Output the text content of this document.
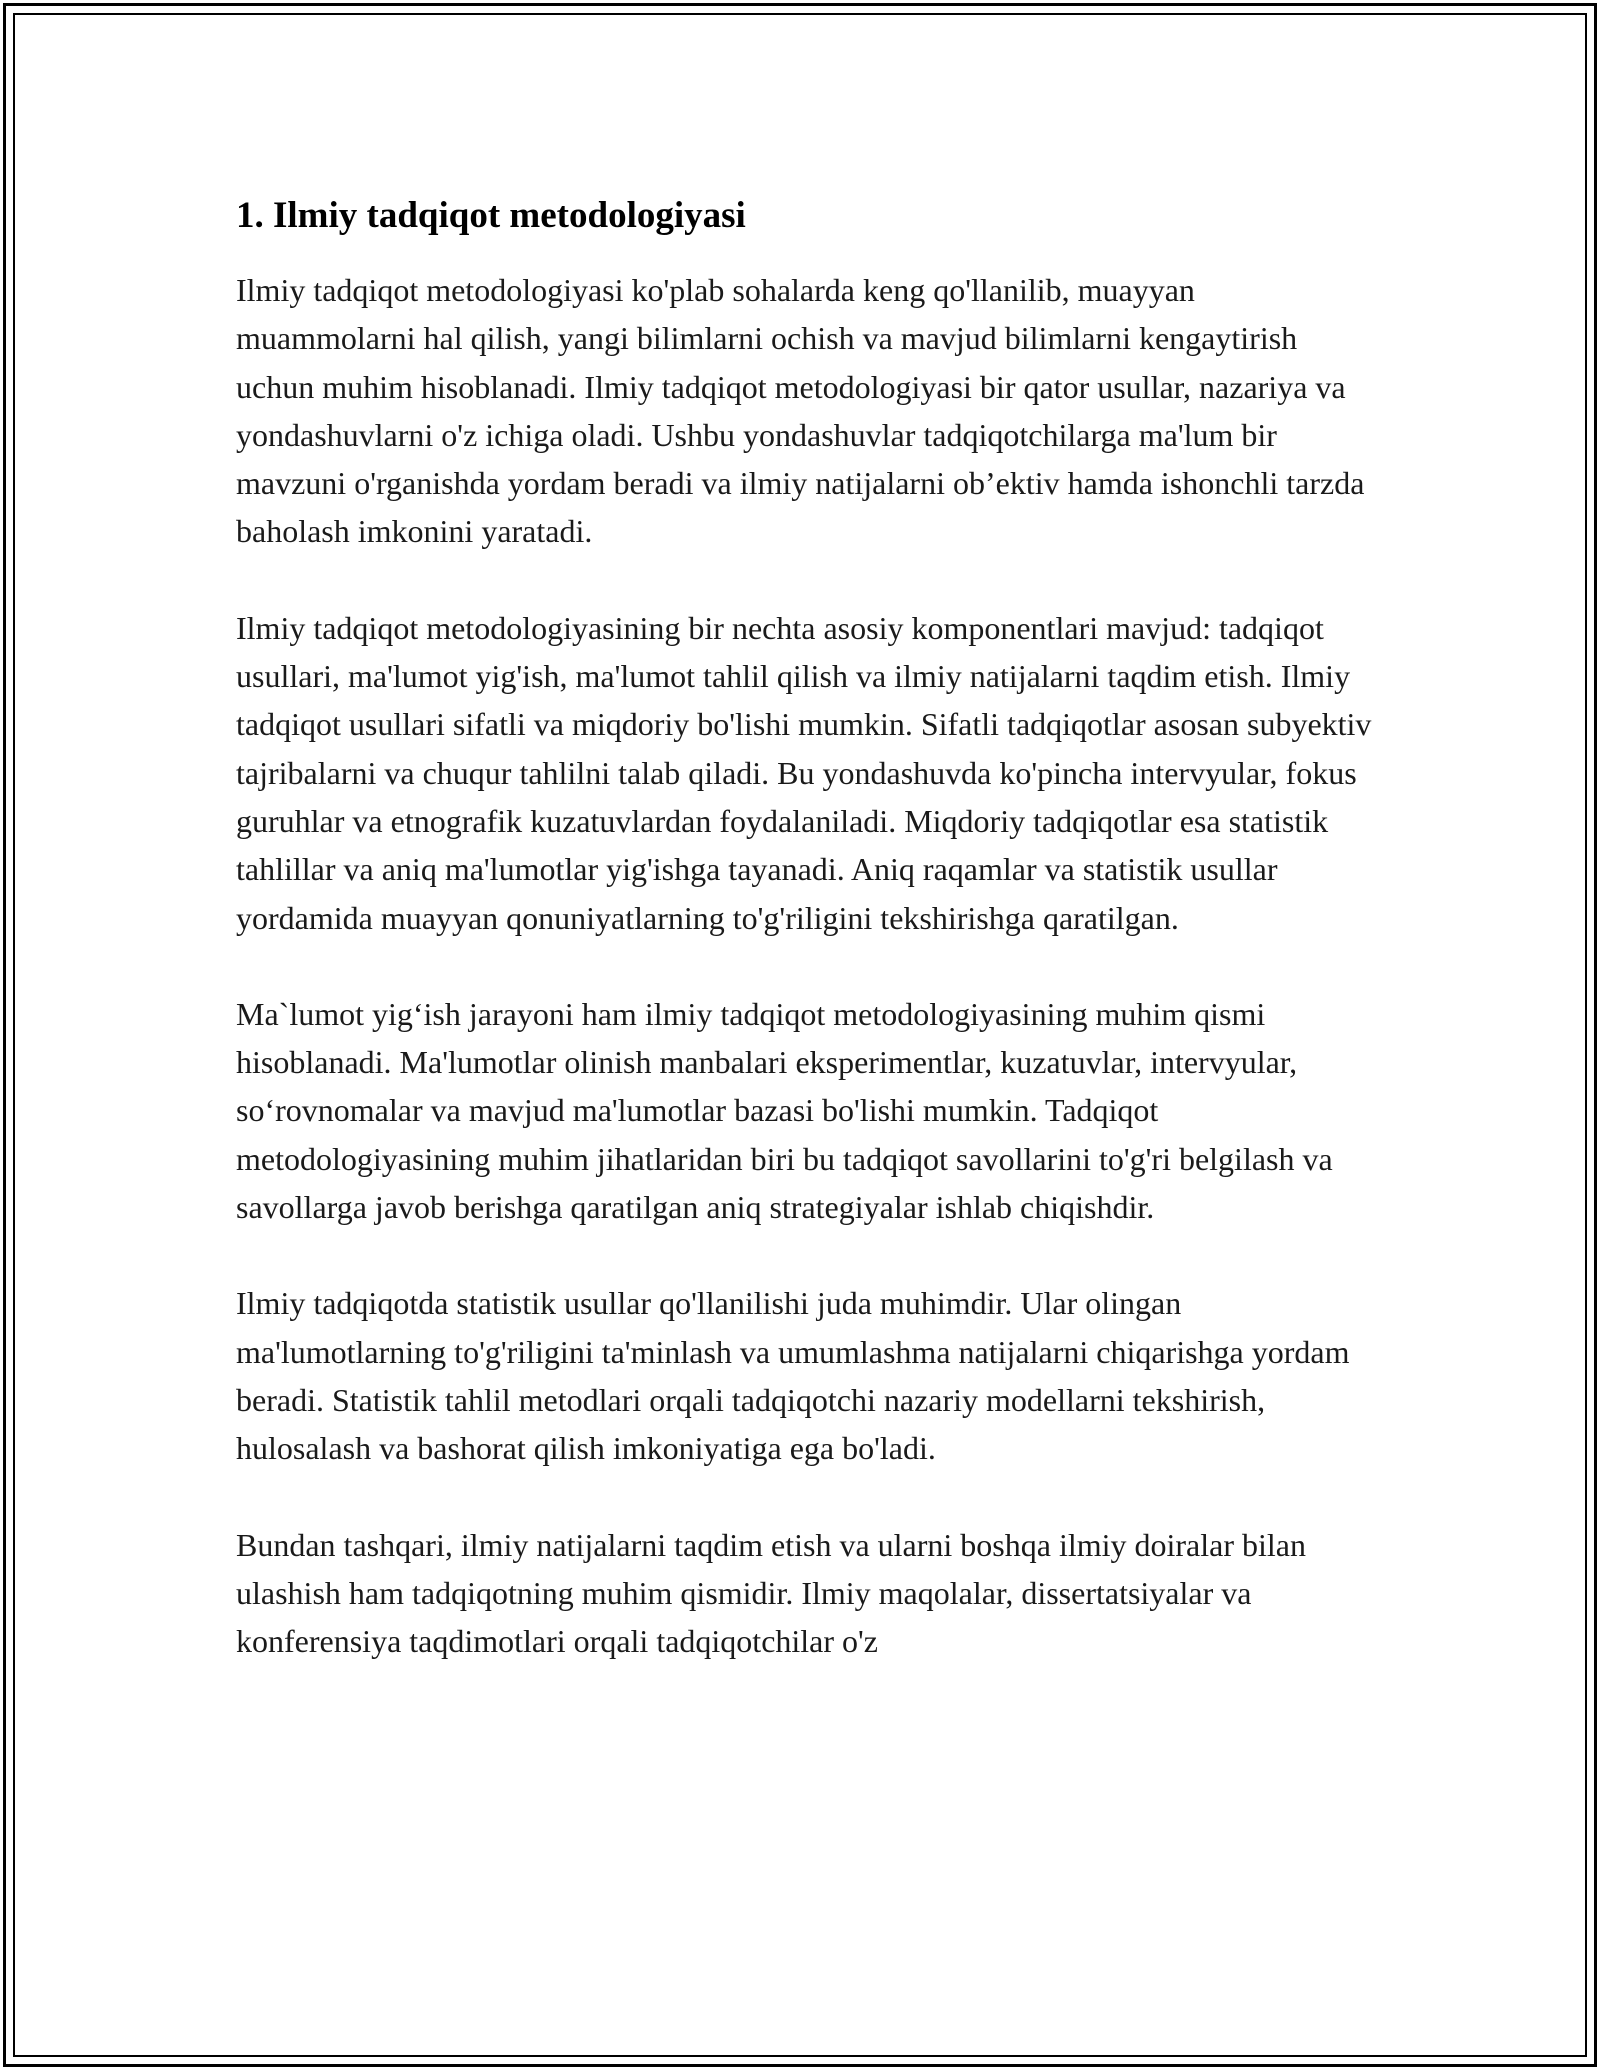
1. Ilmiy tadqiqot metodologiyasi

Ilmiy tadqiqot metodologiyasi ko'plab sohalarda keng qo'llanilib, muayyan muammolarni hal qilish, yangi bilimlarni ochish va mavjud bilimlarni kengaytirish uchun muhim hisoblanadi. Ilmiy tadqiqot metodologiyasi bir qator usullar, nazariya va yondashuvlarni o'z ichiga oladi. Ushbu yondashuvlar tadqiqotchilarga ma'lum bir mavzuni o'rganishda yordam beradi va ilmiy natijalarni ob’ektiv hamda ishonchli tarzda baholash imkonini yaratadi.

Ilmiy tadqiqot metodologiyasining bir nechta asosiy komponentlari mavjud: tadqiqot usullari, ma'lumot yig'ish, ma'lumot tahlil qilish va ilmiy natijalarni taqdim etish. Ilmiy tadqiqot usullari sifatli va miqdoriy bo'lishi mumkin. Sifatli tadqiqotlar asosan subyektiv tajribalarni va chuqur tahlilni talab qiladi. Bu yondashuvda ko'pincha intervyular, fokus guruhlar va etnografik kuzatuvlardan foydalaniladi. Miqdoriy tadqiqotlar esa statistik tahlillar va aniq ma'lumotlar yig'ishga tayanadi. Aniq raqamlar va statistik usullar yordamida muayyan qonuniyatlarning to'g'riligini tekshirishga qaratilgan.

Ma`lumot yig‘ish jarayoni ham ilmiy tadqiqot metodologiyasining muhim qismi hisoblanadi. Ma'lumotlar olinish manbalari eksperimentlar, kuzatuvlar, intervyular, so‘rovnomalar va mavjud ma'lumotlar bazasi bo'lishi mumkin. Tadqiqot metodologiyasining muhim jihatlaridan biri bu tadqiqot savollarini to'g'ri belgilash va savollarga javob berishga qaratilgan aniq strategiyalar ishlab chiqishdir.

Ilmiy tadqiqotda statistik usullar qo'llanilishi juda muhimdir. Ular olingan ma'lumotlarning to'g'riligini ta'minlash va umumlashma natijalarni chiqarishga yordam beradi. Statistik tahlil metodlari orqali tadqiqotchi nazariy modellarni tekshirish, hulosalash va bashorat qilish imkoniyatiga ega bo'ladi.

Bundan tashqari, ilmiy natijalarni taqdim etish va ularni boshqa ilmiy doiralar bilan ulashish ham tadqiqotning muhim qismidir. Ilmiy maqolalar, dissertatsiyalar va konferensiya taqdimotlari orqali tadqiqotchilar o'z
